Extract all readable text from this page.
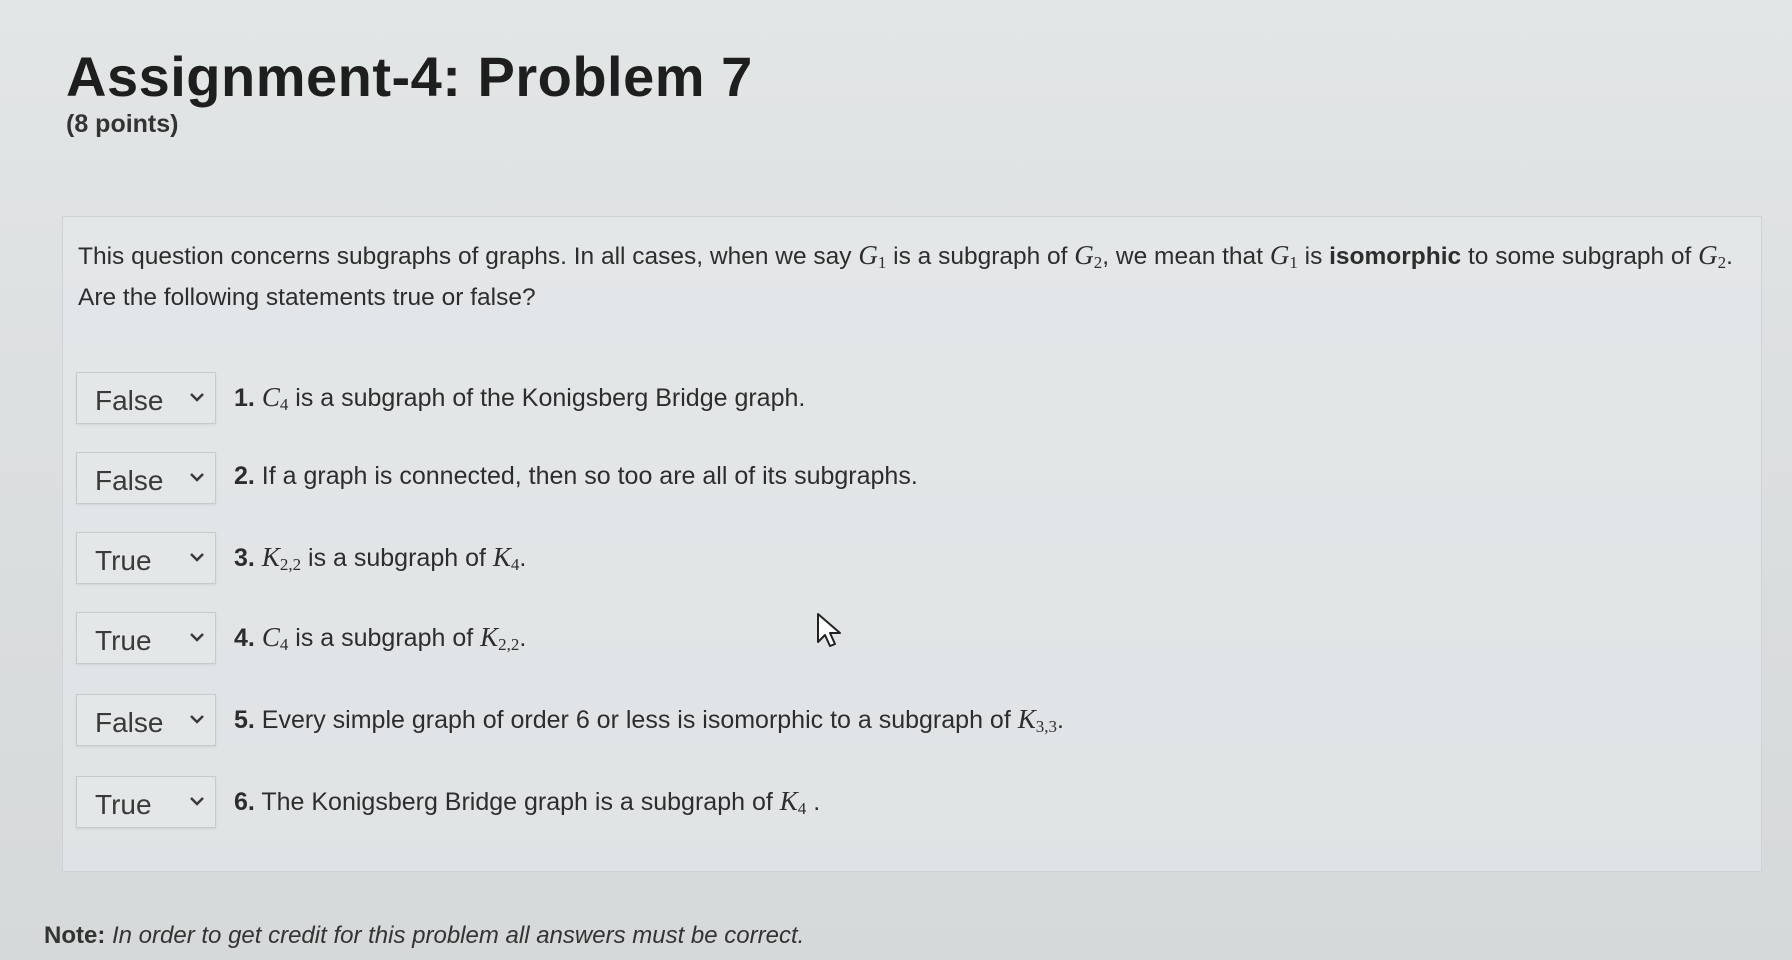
Assignment-4: Problem 7
(8 points)
This question concerns subgraphs of graphs. In all cases, when we say $G_1$ is a subgraph of $G_2$, we mean that $G_1$ is isomorphic to some subgraph of $G_2$.
Are the following statements true or false?
False	1. $C_4$ is a subgraph of the Konigsberg Bridge graph.
False	2. If a graph is connected, then so too are all of its subgraphs.
True	3. $K_{2,2}$ is a subgraph of $K_4$.
True	4. $C_4$ is a subgraph of $K_{2,2}$.
False	5. Every simple graph of order 6 or less is isomorphic to a subgraph of $K_{3,3}$.
True	6. The Konigsberg Bridge graph is a subgraph of $K_4$ .
Note: In order to get credit for this problem all answers must be correct.
